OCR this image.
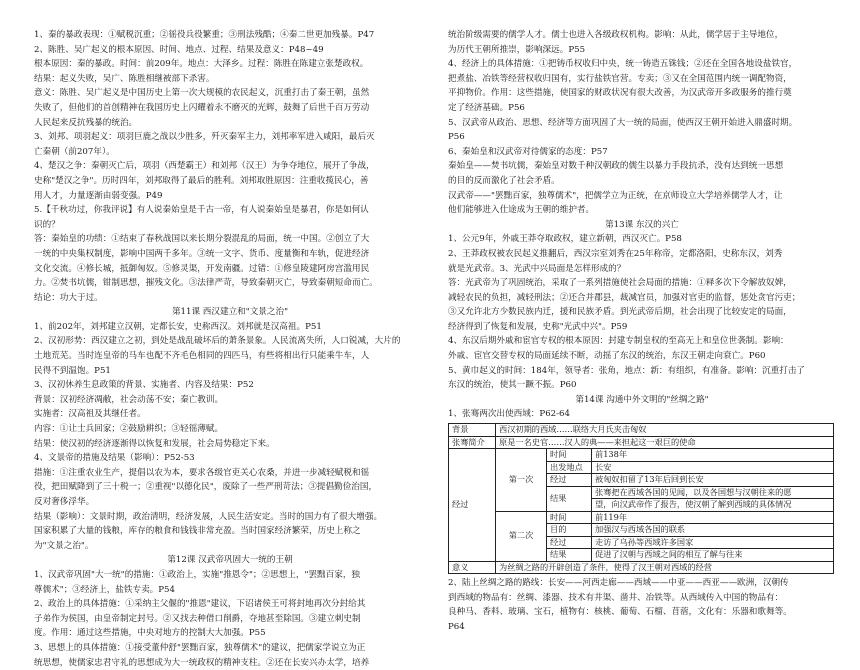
1、秦的暴政表现：①赋税沉重；②徭役兵役繁重；③刑法残酷；④秦二世更加残暴。P47
2、陈胜、吴广起义的根本原因、时间、地点、过程、结果及意义：P48~49
根本原因：秦的暴政。时间：前209年。地点：大泽乡。过程：陈胜在陈建立张楚政权。
结果：起义失败，吴广、陈胜相继被部下杀害。
意义：陈胜、吴广起义是中国历史上第一次大规模的农民起义，沉重打击了秦王朝，虽然
失败了，但他们的首创精神在我国历史上闪耀着永不磨灭的光辉，鼓舞了后世千百万劳动
人民起来反抗残暴的统治。
3、刘邦、项羽起义：项羽巨鹿之战以少胜多，歼灭秦军主力，刘邦率军进入咸阳，最后灭
亡秦朝（前207年）。
4、楚汉之争：秦朝灭亡后，项羽（西楚霸王）和刘邦（汉王）为争夺地位，展开了争战，
史称"楚汉之争"。历时四年，刘邦取得了最后的胜利。刘邦取胜原因：注重收揽民心，善
用人才，力量逐渐由弱变强。P49
5.【千秋功过，你我评说】有人说秦始皇是千古一帝，有人说秦始皇是暴君，你是如何认
识的？
答：秦始皇的功绩：①结束了春秋战国以来长期分裂混乱的局面，统一中国。②创立了大
一统的中央集权制度，影响中国两千多年。③统一文字、货币、度量衡和车轨，促进经济
文化交流。④修长城，抵御匈奴。⑤修灵渠，开发南疆。过错：①修皇陵建阿房宫滥用民
力。②焚书坑儒，钳制思想，摧残文化。③法律严苛，导致秦朝灭亡，导致秦朝短命而亡。
结论：功大于过。
第11课 西汉建立和"文景之治"
1、前202年，刘邦建立汉朝，定都长安，史称西汉。刘邦就是汉高祖。P51
2、汉初形势：西汉建立之初，到处是战乱破坏后的萧条景象。人民流离失所，人口锐减，大片的
土地荒芜。当时连皇帝的马车也配不齐毛色相同的四匹马，有些将相出行只能乘牛车，人
民得不到温饱。P51
3、汉初休养生息政策的背景、实施者、内容及结果：P52
背景：汉初经济凋敝，社会动荡不安；秦亡教训。
实施者：汉高祖及其继任者。
内容：①让士兵回家；②鼓励耕织；③轻徭薄赋。
结果：使汉初的经济逐渐得以恢复和发展，社会局势稳定下来。
4、文景帝的措施及结果（影响）：P52-53
措施：①注重农业生产，提倡以农为本，要求各级官吏关心农桑，并进一步减轻赋税和徭
役，把田赋降到了三十税一；②重视"以德化民"，废除了一些严刑苛法；③提倡勤俭治国，
反对奢侈浮华。
结果（影响）：文景时期，政治清明，经济发展，人民生活安定。当时的国力有了很大增强。
国家积累了大量的钱粮，库存的粮食和钱钱非常充盈。当时国家经济繁荣，历史上称之
为"文景之治"。
第12课 汉武帝巩固大一统的王朝
1、汉武帝巩固"大一统"的措施：①政治上，实施"推恩令"；②思想上，"罢黜百家，独
尊儒术"；③经济上，盐铁专卖。P54
2、政治上的具体措施：①采纳主父偃的"推恩"建议，下诏诸侯王可将封地再次分封给其
子弟作为侯国，由皇帝制定封号。②又找去种借口削爵，夺地甚至除国。③建立刺史制
度。作用：通过这些措施，中央对地方的控制大大加强。P55
3、思想上的具体措施：①接受董仲舒"罢黜百家，独尊儒术"的建议，把儒家学说立为正
统思想，使儒家忠君守礼的思想成为大一统政权的精神支柱。②还在长安兴办太学，培养
统治阶级需要的儒学人才。儒士也进入各级政权机构。影响：从此，儒学居于主导地位，
为历代王朝所推崇，影响深远。P55
4、经济上的具体措施：①把铸币权收归中央，统一铸造五铢钱；②还在全国各地设盐铁官，
把煮盐、冶铁等经营权收归国有，实行盐铁官营。专卖；③又在全国范围内统一调配物资，
平抑物价。作用：这些措施，使国家的财政状况有很大改善，为汉武帝开多政服务的推行奠
定了经济基础。P56
5、汉武帝从政治、思想、经济等方面巩固了大一统的局面，使西汉王朝开始进入鼎盛时期。
P56
6、秦始皇和汉武帝对待儒家的态度：P57
秦始皇——焚书坑儒，秦始皇对数千种汉朝政的儒生以暴力手段抗杀，没有达到统一思想
的目的反而激化了社会矛盾。
汉武帝——"罢黜百家，独尊儒术"，把儒学立为正统，在京师设立大学培养儒学人才，让
他们能够进入仕途成为王朝的维护者。
第13课 东汉的兴亡
1、公元9年，外戚王莽夺取政权，建立新朝，西汉灭亡。P58
2、王莽政权被农民起义推翻后，西汉宗室刘秀在25年称帝，定都洛阳，史称东汉，刘秀
就是光武帝。3、光武中兴局面是怎样形成的？
答：光武帝为了巩固统治，采取了一系列措施使社会局面的措施：①释多次下令解放奴婢，
减轻农民的负担，减轻刑法；②还合并郡县，裁减官员，加强对官吏的监督，惩处贪官污吏；
③又允许北方少数民族内迁，援和民族矛盾。到光武帝后期，社会出现了比较安定的局面，
经济得到了恢复和发展，史称"光武中兴"。P59
4、东汉后期外戚和宦官专权的根本原因：封建专制皇权的至高无上和皇位世袭制。影响：
外戚、宦官交替专权的局面延续不断，动摇了东汉的统治，东汉王朝走向衰亡。P60
5、黄巾起义的时间：184年，领导者：张角，地点：新：有组织，有准备。影响：沉重打击了
东汉的统治，使其一蹶不振。P60
第14课 沟通中外文明的"丝绸之路"
1、张骞两次出使西域：P62-64
背景	西汉初期的西域……联络大月氏夹击匈奴		
张骞简介	原是一名史官……汉人的典——来担起这一艰巨的使命		
经过	第一次	时间	前138年
		出发地点	长安
		经过	被匈奴扣留了13年后回到长安
		结果	张骞把在西域各国的见闻，以及各国想与汉朝往来的愿
			望，向汉武帝作了报告，使汉朝了解到西域的具体情况
	第二次	时间	前119年
		目的	加强汉与西域各国的联系
		经过	走访了乌孙等西域许多国家
		结果	促进了汉朝与西域之间的相互了解与往来
意义	为丝绸之路的开辟创造了条件，使得了汉王朝对西域的经营		
2、陆上丝绸之路的路线：长安——河西走廊——西域——中亚——西亚——欧洲，汉朝传
到西域的物品有：丝绸、漆器、技术有井渠、凿井、冶铁等。从西域传入中国的物品有：
良种马、香料、玻璃、宝石，植物有：核桃、葡萄、石榴、苜蓿，文化有：乐器和歌舞等。
P64
